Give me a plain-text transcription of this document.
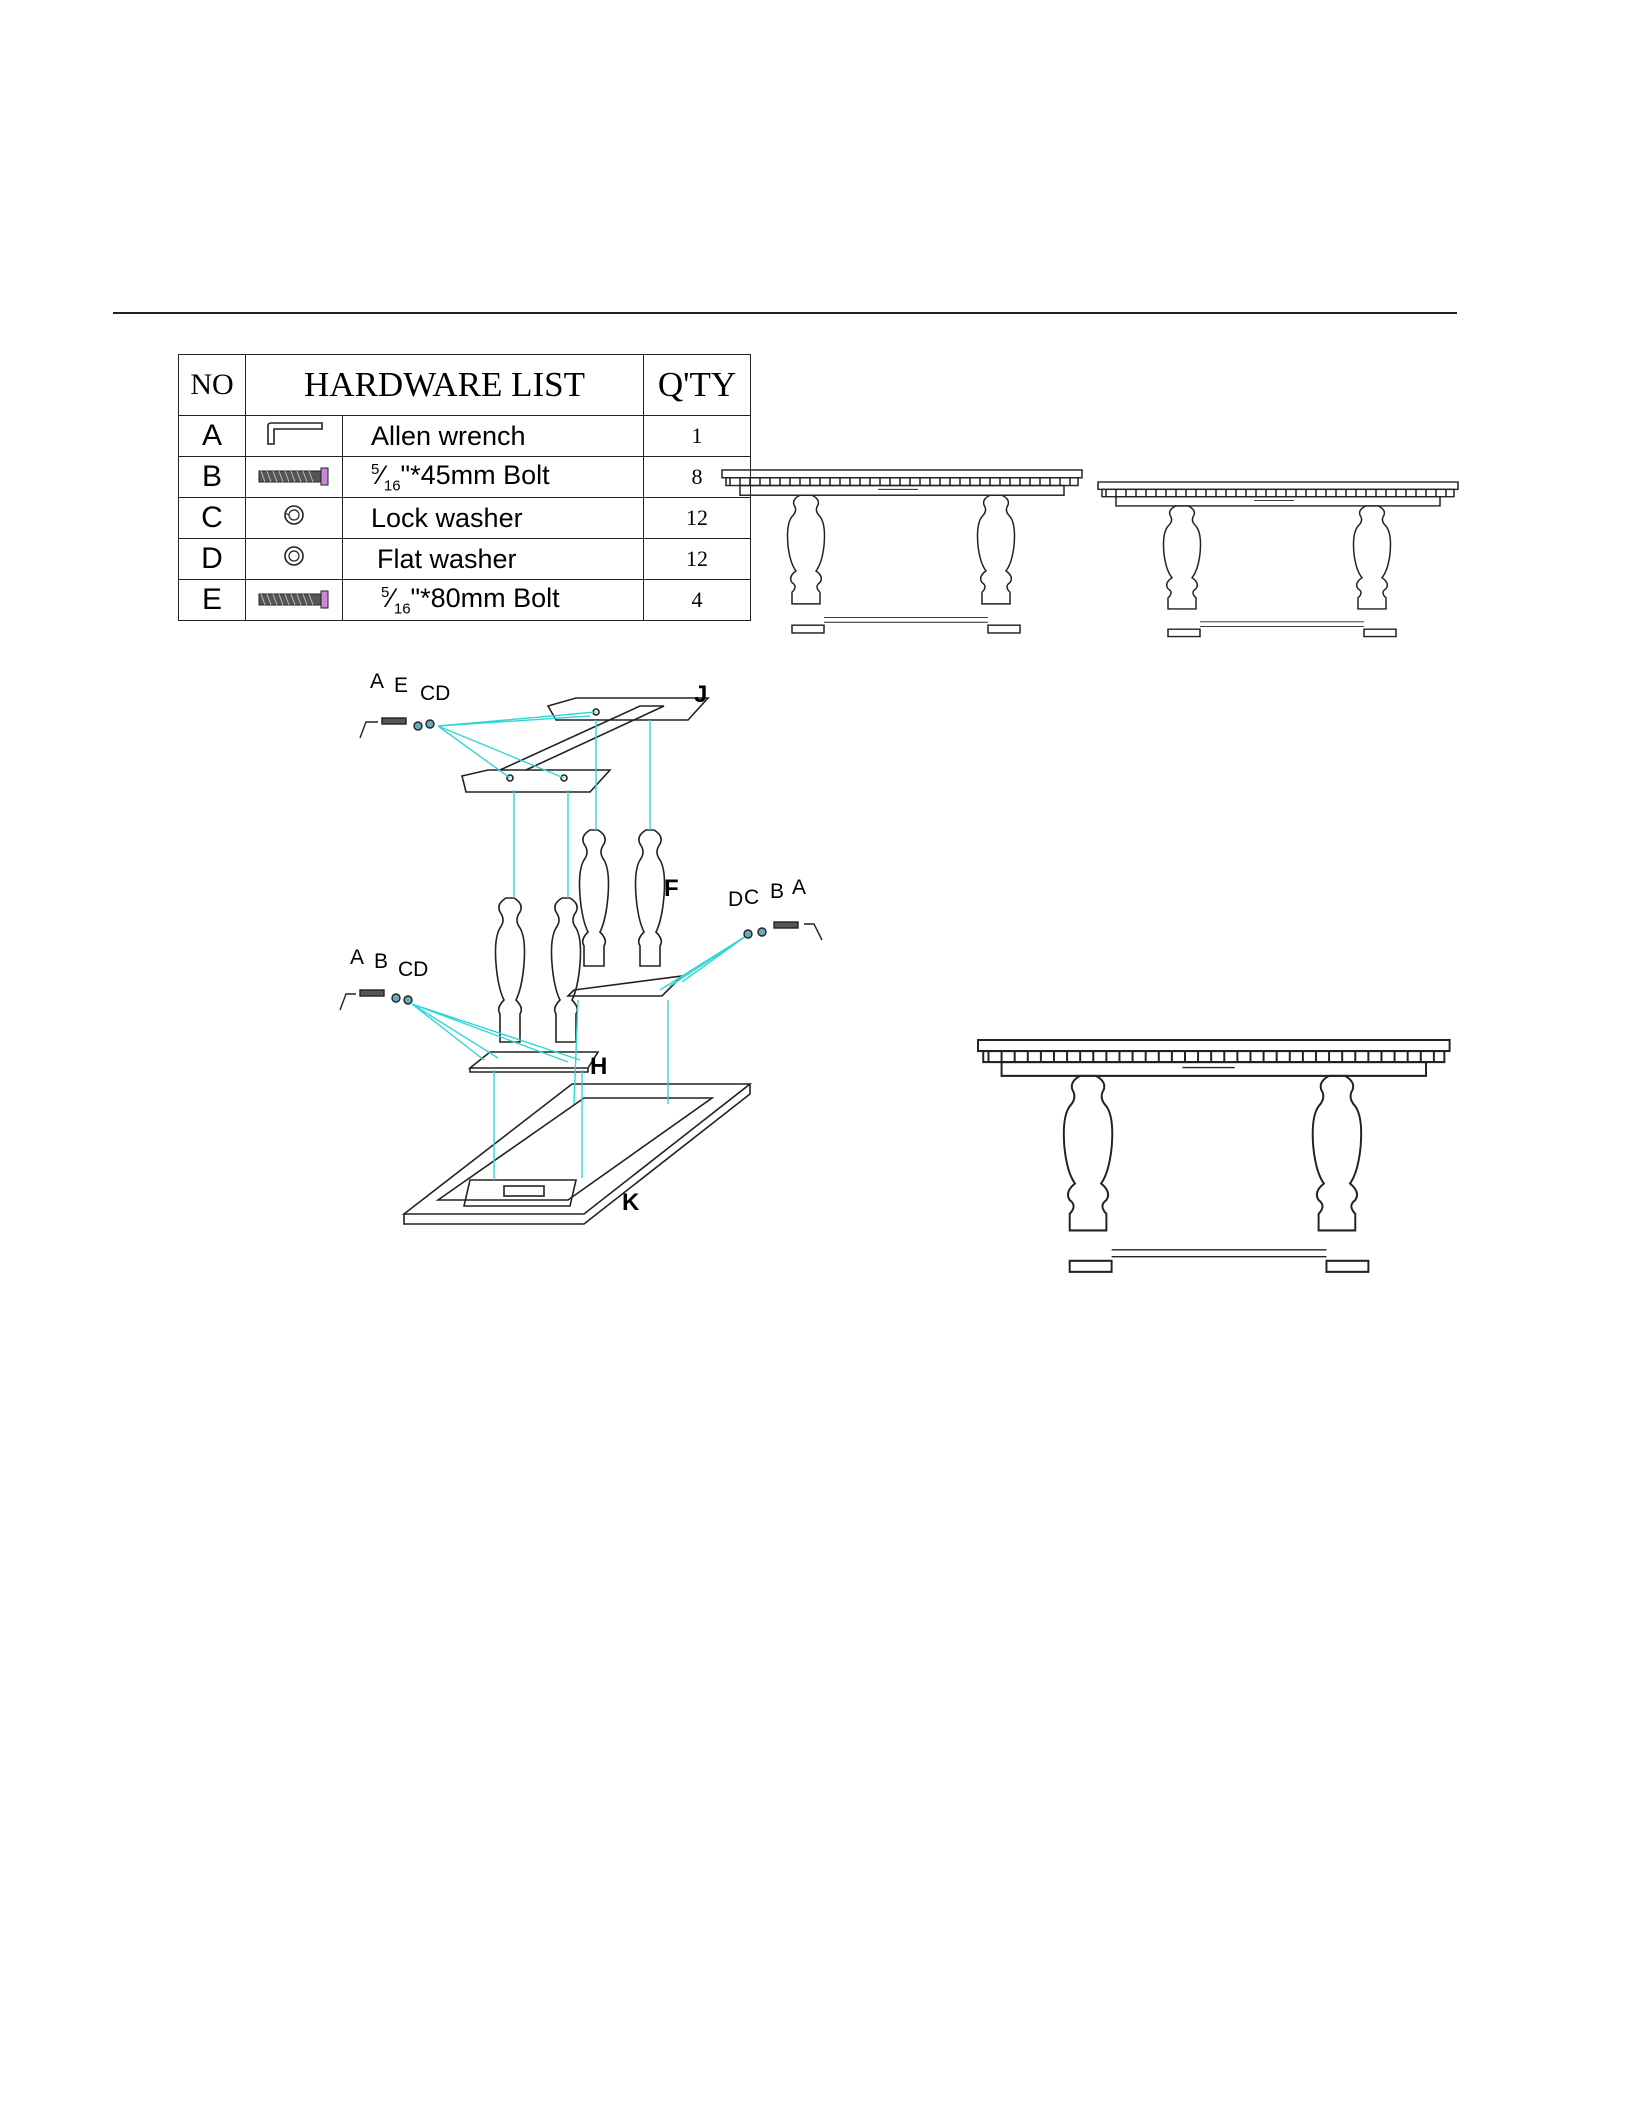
NO	HARDWARE LIST		Q'TY
A		Allen wrench	1
B		$^5⁄_{16}"*45mm$ Bolt	8
C		Lock washer	12
D		Flat washer	12
E		$^5⁄_{16}"*80mm$ Bolt	4
A E CD	J
F D C B A
A B CD
H
K
